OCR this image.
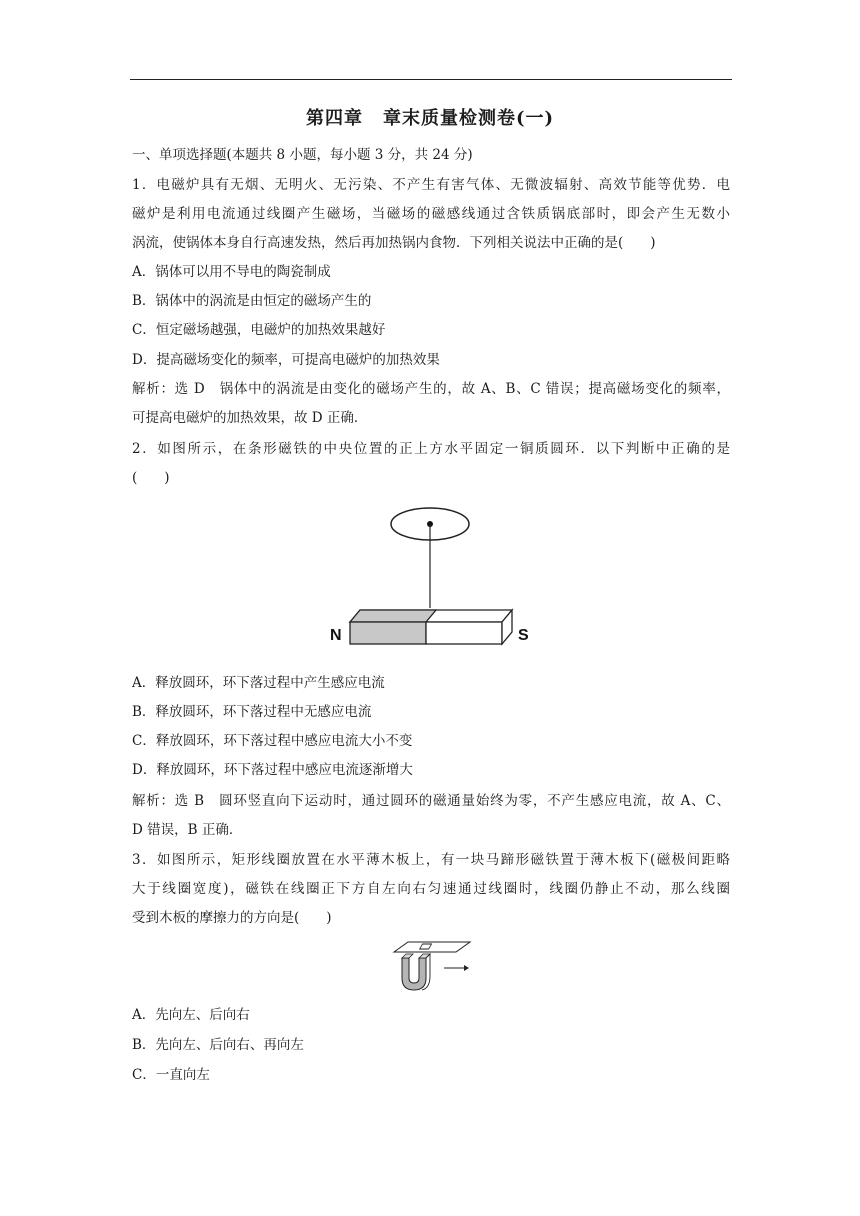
第四章 章末质量检测卷(一)
一、单项选择题(本题共 8 小题，每小题 3 分，共 24 分)
1．电磁炉具有无烟、无明火、无污染、不产生有害气体、无微波辐射、高效节能等优势．电
磁炉是利用电流通过线圈产生磁场，当磁场的磁感线通过含铁质锅底部时，即会产生无数小
涡流，使锅体本身自行高速发热，然后再加热锅内食物．下列相关说法中正确的是(　　)
A．锅体可以用不导电的陶瓷制成
B．锅体中的涡流是由恒定的磁场产生的
C．恒定磁场越强，电磁炉的加热效果越好
D．提高磁场变化的频率，可提高电磁炉的加热效果
解析：选 D　锅体中的涡流是由变化的磁场产生的，故 A、B、C 错误；提高磁场变化的频率，
可提高电磁炉的加热效果，故 D 正确．
2．如图所示，在条形磁铁的中央位置的正上方水平固定一铜质圆环．以下判断中正确的是
(　　)
N	S
A．释放圆环，环下落过程中产生感应电流
B．释放圆环，环下落过程中无感应电流
C．释放圆环，环下落过程中感应电流大小不变
D．释放圆环，环下落过程中感应电流逐渐增大
解析：选 B　圆环竖直向下运动时，通过圆环的磁通量始终为零，不产生感应电流，故 A、C、
D 错误，B 正确．
3．如图所示，矩形线圈放置在水平薄木板上，有一块马蹄形磁铁置于薄木板下(磁极间距略
大于线圈宽度)，磁铁在线圈正下方自左向右匀速通过线圈时，线圈仍静止不动，那么线圈
受到木板的摩擦力的方向是(　　)
A．先向左、后向右
B．先向左、后向右、再向左
C．一直向左
